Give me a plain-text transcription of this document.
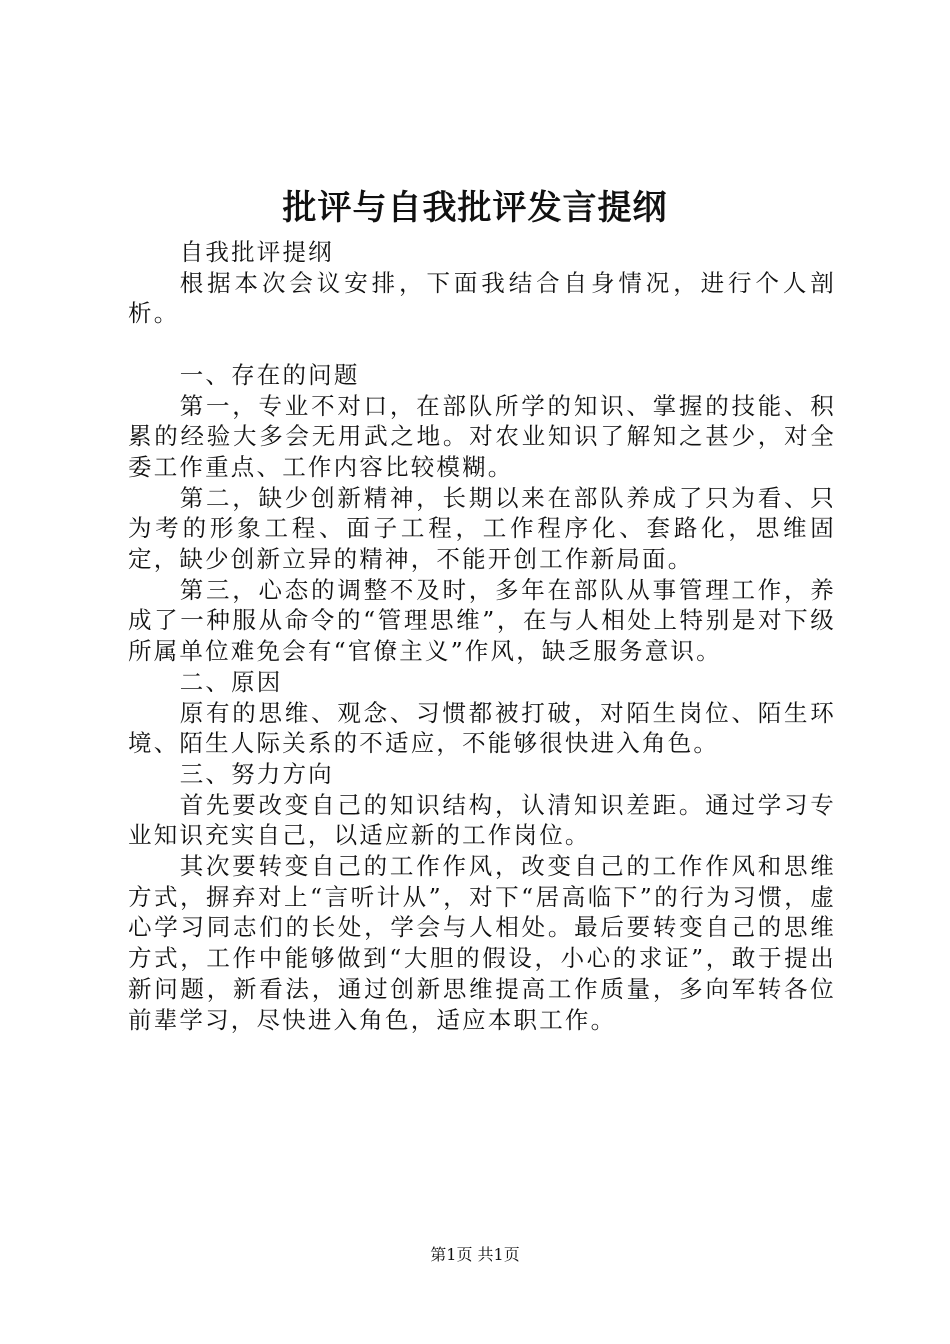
批评与自我批评发言提纲

自我批评提纲

根据本次会议安排，下面我结合自身情况，进行个人剖析。

一、存在的问题

第一，专业不对口，在部队所学的知识、掌握的技能、积累的经验大多会无用武之地。对农业知识了解知之甚少，对全委工作重点、工作内容比较模糊。

第二，缺少创新精神，长期以来在部队养成了只为看、只为考的形象工程、面子工程，工作程序化、套路化，思维固定，缺少创新立异的精神，不能开创工作新局面。

第三，心态的调整不及时，多年在部队从事管理工作，养成了一种服从命令的“管理思维”，在与人相处上特别是对下级所属单位难免会有“官僚主义”作风，缺乏服务意识。

二、原因

原有的思维、观念、习惯都被打破，对陌生岗位、陌生环境、陌生人际关系的不适应，不能够很快进入角色。

三、努力方向

首先要改变自己的知识结构，认清知识差距。通过学习专业知识充实自己，以适应新的工作岗位。

其次要转变自己的工作作风，改变自己的工作作风和思维方式，摒弃对上“言听计从”，对下“居高临下”的行为习惯，虚心学习同志们的长处，学会与人相处。最后要转变自己的思维方式，工作中能够做到“大胆的假设，小心的求证”，敢于提出新问题，新看法，通过创新思维提高工作质量，多向军转各位前辈学习，尽快进入角色，适应本职工作。

第1页 共1页
